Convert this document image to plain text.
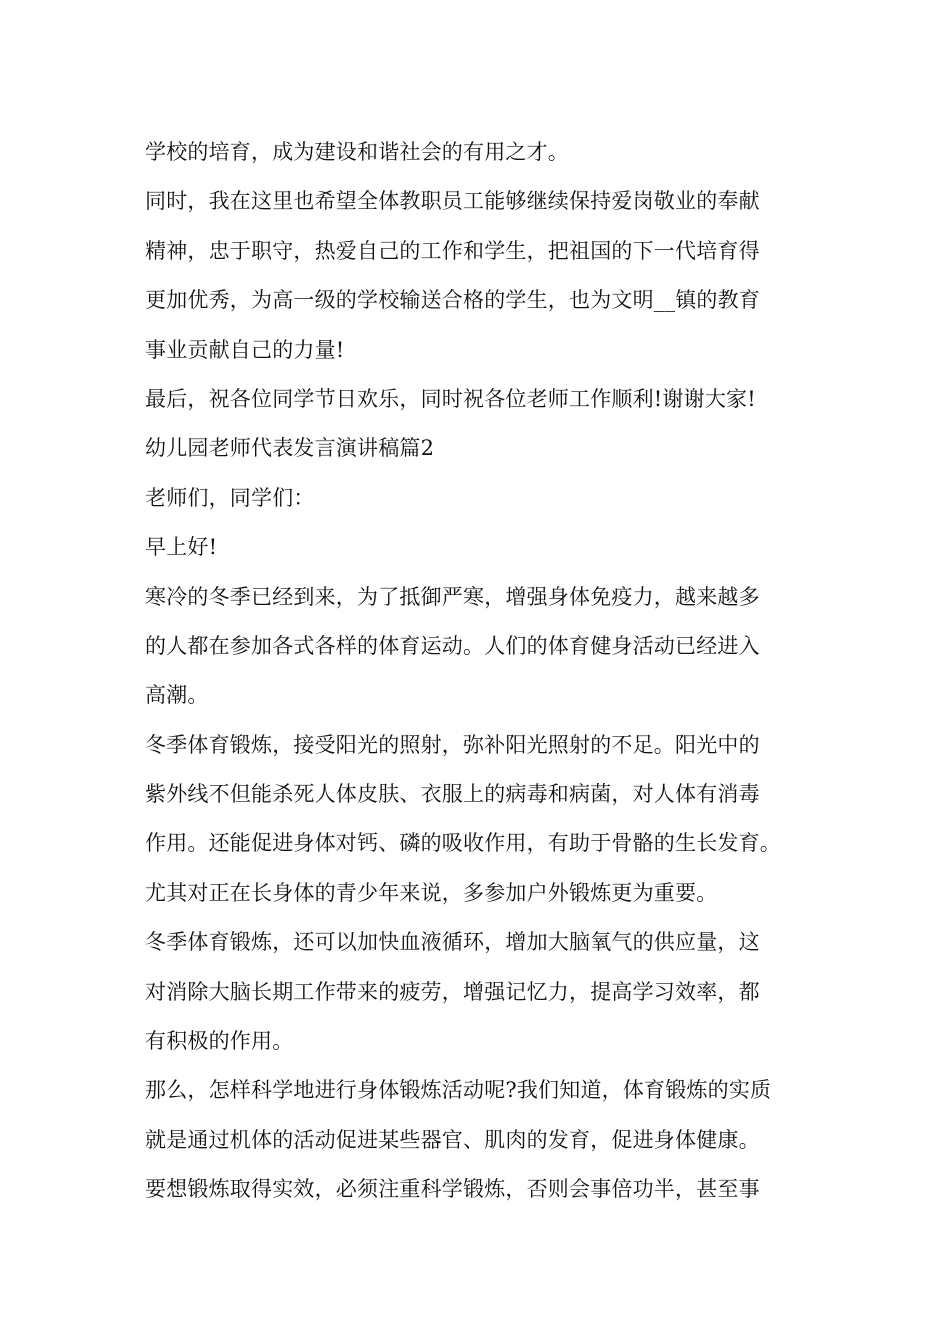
学校的培育，成为建设和谐社会的有用之才。
同时，我在这里也希望全体教职员工能够继续保持爱岗敬业的奉献
精神，忠于职守，热爱自己的工作和学生，把祖国的下一代培育得
更加优秀，为高一级的学校输送合格的学生，也为文明__镇的教育
事业贡献自己的力量!
最后，祝各位同学节日欢乐，同时祝各位老师工作顺利!谢谢大家!
幼儿园老师代表发言演讲稿篇2
老师们，同学们：
早上好!
寒冷的冬季已经到来，为了抵御严寒，增强身体免疫力，越来越多
的人都在参加各式各样的体育运动。人们的体育健身活动已经进入
高潮。
冬季体育锻炼，接受阳光的照射，弥补阳光照射的不足。阳光中的
紫外线不但能杀死人体皮肤、衣服上的病毒和病菌，对人体有消毒
作用。还能促进身体对钙、磷的吸收作用，有助于骨骼的生长发育。
尤其对正在长身体的青少年来说，多参加户外锻炼更为重要。
冬季体育锻炼，还可以加快血液循环，增加大脑氧气的供应量，这
对消除大脑长期工作带来的疲劳，增强记忆力，提高学习效率，都
有积极的作用。
那么，怎样科学地进行身体锻炼活动呢?我们知道，体育锻炼的实质
就是通过机体的活动促进某些器官、肌肉的发育，促进身体健康。
要想锻炼取得实效，必须注重科学锻炼，否则会事倍功半，甚至事
